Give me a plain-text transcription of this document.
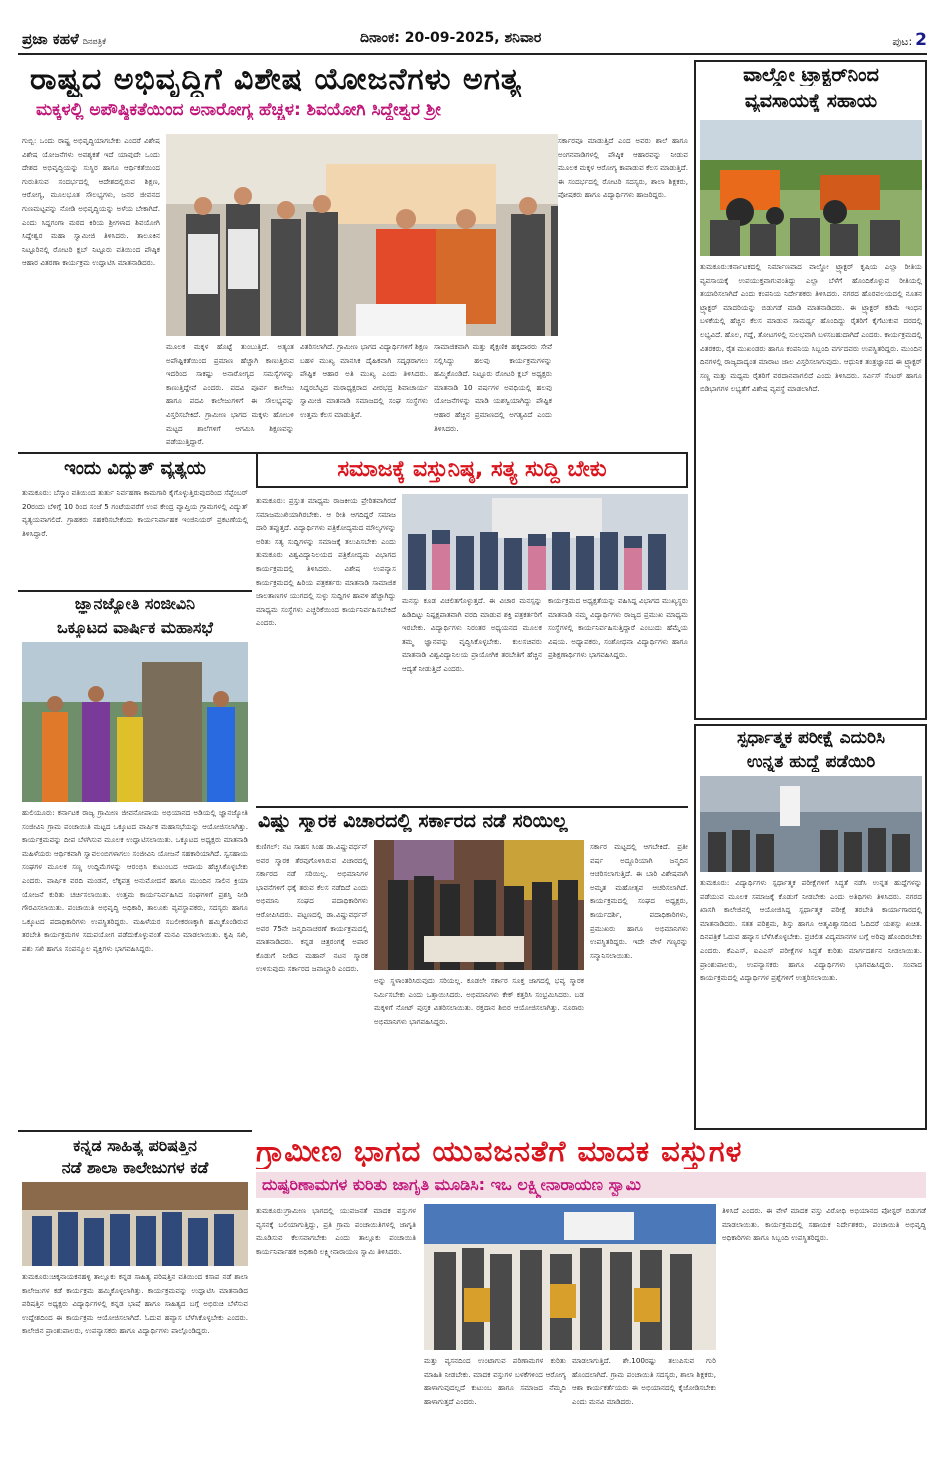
ಪ್ರಜಾ ಕಹಳೆ ದಿನಪತ್ರಿಕೆ	ದಿನಾಂಕ: 20-09-2025, ಶನಿವಾರ	ಪುಟ: 2
ರಾಷ್ಟ್ರದ ಅಭಿವೃದ್ಧಿಗೆ ವಿಶೇಷ ಯೋಜನೆಗಳು ಅಗತ್ಯ
ಮಕ್ಕಳಲ್ಲಿ ಅಪೌಷ್ಠಿಕತೆಯಿಂದ ಅನಾರೋಗ್ಯ ಹೆಚ್ಚಳ: ಶಿವಯೋಗಿ ಸಿದ್ದೇಶ್ವರ ಶ್ರೀ
ಗುಬ್ಬಿ: ಒಂದು ರಾಷ್ಟ್ರ ಅಭಿವೃದ್ಧಿಯಾಗಬೇಕು ಎಂದರೆ ವಿಶೇಷ ವಿಶೇಷ ಯೋಜನೆಗಳು ಅವಶ್ಯಕತೆ ಇದೆ ಯಾವುದೇ ಒಂದು ದೇಶದ ಅಭಿವೃದ್ಧಿಯನ್ನು ಸುಸ್ಥಿರ ಹಾಗೂ ಆರ್ಥಿಕತೆಯಿಂದ ಗುರುತಿಸುವ ಸಂದರ್ಭದಲ್ಲಿ ಆದೇಶದಲ್ಲಿರುವ ಶಿಕ್ಷಣ, ಆರೋಗ್ಯ, ಮೂಲಭೂತ ಸೌಲಭ್ಯಗಳು, ಜನರ ಜೀವನದ ಗುಣಮಟ್ಟವನ್ನು ನೋಡಿ ಅಭಿವೃದ್ಧಿಯನ್ನು ಅಳೆಯ ಬೇಕಾಗಿದೆ. ಎಂದು ಸಿದ್ದಗಂಗಾ ಮಠದ ಕಿರಿಯ ಶ್ರೀಗಳಾದ ಶಿವಯೋಗಿ ಸಿದ್ದೇಶ್ವರ ಮಹಾ ಸ್ವಾಮೀಜಿ ತಿಳಿಸಿದರು. ತಾಲೂಕಿನ ನಿಟ್ಟೂರಿನಲ್ಲಿ ರೋಟರಿ ಕ್ಲಬ್ ನಿಟ್ಟೂರು ವತಿಯಿಂದ ಪೌಷ್ಠಿಕ ಆಹಾರ ವಿತರಣಾ ಕಾರ್ಯಕ್ರಮ ಉದ್ಘಾಟಿಸಿ ಮಾತನಾಡಿದರು.
ಮೂಲಕ ಮಕ್ಕಳ ಹೊಟ್ಟೆ ತುಂಬುತ್ತಿದೆ. ಅತ್ಯಂತ ಅಪೌಷ್ಟಿಕತೆಯಿಂದ ಪ್ರಮಾಣ ಹೆಚ್ಚಾಗಿ ಕಾಣುತ್ತಿರುವ ಇದರಿಂದ ಸಾಕಷ್ಟು ಅನಾರೋಗ್ಯದ ಸಮಸ್ಯೆಗಳನ್ನು ಕಾಣುತ್ತಿದ್ದೇವೆ ಎಂದರು. ಪದವಿ ಪೂರ್ವ ಕಾಲೇಜು ಹಾಗೂ ಪದವಿ ಕಾಲೇಜುಗಳಿಗೆ ಈ ಸೌಲಭ್ಯವನ್ನು ವಿಸ್ತರಿಸಬೇಕಿದೆ. ಗ್ರಾಮೀಣ ಭಾಗದ ಮಕ್ಕಳು ಹೋಬಳಿ ಮಟ್ಟದ ಶಾಲೆಗಳಿಗೆ ಆಗಮಿಸಿ ಶಿಕ್ಷಣವನ್ನು ಪಡೆಯುತ್ತಿದ್ದಾರೆ.
ವಿತರಿಸಲಾಗಿದೆ. ಗ್ರಾಮೀಣ ಭಾಗದ ವಿದ್ಯಾರ್ಥಿಗಳಿಗೆ ಶಿಕ್ಷಣ ಬಹಳ ಮುಖ್ಯ ಮಾನಸಿಕ ದೈಹಿಕವಾಗಿ ಸದೃಢರಾಗಲು ಪೌಷ್ಟಿಕ ಆಹಾರ ಅತಿ ಮುಖ್ಯ ಎಂದು ತಿಳಿಸಿದರು. ಸಿದ್ದರಬೆಟ್ಟದ ಮಠಾಧ್ಯಕ್ಷರಾದ ವೀರಭದ್ರ ಶಿವಾಚಾರ್ಯ ಸ್ವಾಮೀಜಿ ಮಾತನಾಡಿ ಸಮಾಜದಲ್ಲಿ ಸಂಘ ಸಂಸ್ಥೆಗಳು ಉತ್ತಮ ಕೆಲಸ ಮಾಡುತ್ತಿವೆ.
ಸಾಮಾಜಿಕವಾಗಿ ಮತ್ತು ಶೈಕ್ಷಣಿಕ ಹಕ್ಕದಾರರು ಸೇವೆ ಸಲ್ಲಿಸಿದ್ದು ಹಲವು ಕಾರ್ಯಕ್ರಮಗಳನ್ನು ಹಮ್ಮಿಕೊಂಡಿದೆ. ನಿಟ್ಟೂರು ರೋಟರಿ ಕ್ಲಬ್ ಅಧ್ಯಕ್ಷರು ಮಾತನಾಡಿ 10 ವರ್ಷಗಳ ಅವಧಿಯಲ್ಲಿ ಹಲವು ಯೋಜನೆಗಳನ್ನು ಮಾಡಿ ಯಶಸ್ವಿಯಾಗಿದ್ದು ಪೌಷ್ಟಿಕ ಆಹಾರ ಹೆಚ್ಚಿನ ಪ್ರಮಾಣದಲ್ಲಿ ಅಗತ್ಯವಿದೆ ಎಂದು ತಿಳಿಸಿದರು.
ಸರ್ಕಾರವೂ ಮಾಡುತ್ತಿದೆ ಎಂದ ಅವರು ಶಾಲೆ ಹಾಗೂ ಅಂಗನವಾಡಿಗಳಲ್ಲಿ ಪೌಷ್ಠಿಕ ಆಹಾರವನ್ನು ನೀಡುವ ಮೂಲಕ ಮಕ್ಕಳ ಆರೋಗ್ಯ ಕಾಪಾಡುವ ಕೆಲಸ ಮಾಡುತ್ತಿದೆ. ಈ ಸಂದರ್ಭದಲ್ಲಿ ರೋಟರಿ ಸದಸ್ಯರು, ಶಾಲಾ ಶಿಕ್ಷಕರು, ಪೋಷಕರು ಹಾಗೂ ವಿದ್ಯಾರ್ಥಿಗಳು ಹಾಜರಿದ್ದರು.
ವಾಲ್ಡೋ ಟ್ರ್ಯಾಕ್ಟರ್‌ನಿಂದ
ವ್ಯವಸಾಯಕ್ಕೆ ಸಹಾಯ
ತುಮಕೂರು:ಕರ್ನಾಟಕದಲ್ಲಿ ನಿರ್ಮಾಣವಾದ ವಾಲ್ಡೋ ಟ್ರ್ಯಾಕ್ಟರ್ ಕೃಷಿಯ ಎಲ್ಲಾ ರೀತಿಯ ವ್ಯವಸಾಯಕ್ಕೆ ಉಪಯುಕ್ತವಾಗುವಂತಿದ್ದು ಎಲ್ಲಾ ಬೆಳೆಗೆ ಹೊಂದಿಕೊಳ್ಳುವ ರೀತಿಯಲ್ಲಿ ತಯಾರಿಸಲಾಗಿದೆ ಎಂದು ಕಂಪನಿಯ ನಿರ್ದೇಶಕರು ತಿಳಿಸಿದರು. ನಗರದ ಹೊರವಲಯದಲ್ಲಿ ನೂತನ ಟ್ರ್ಯಾಕ್ಟರ್ ಮಾದರಿಯನ್ನು ಬಿಡುಗಡೆ ಮಾಡಿ ಮಾತನಾಡಿದರು. ಈ ಟ್ರ್ಯಾಕ್ಟರ್ ಕಡಿಮೆ ಇಂಧನ ಬಳಕೆಯಲ್ಲಿ ಹೆಚ್ಚಿನ ಕೆಲಸ ಮಾಡುವ ಸಾಮರ್ಥ್ಯ ಹೊಂದಿದ್ದು ರೈತರಿಗೆ ಕೈಗೆಟುಕುವ ದರದಲ್ಲಿ ಲಭ್ಯವಿದೆ. ಹೊಲ, ಗದ್ದೆ, ತೋಟಗಳಲ್ಲಿ ಸುಲಭವಾಗಿ ಬಳಸಬಹುದಾಗಿದೆ ಎಂದರು. ಕಾರ್ಯಕ್ರಮದಲ್ಲಿ ವಿತರಕರು, ರೈತ ಮುಖಂಡರು ಹಾಗೂ ಕಂಪನಿಯ ಸಿಬ್ಬಂದಿ ವರ್ಗದವರು ಉಪಸ್ಥಿತರಿದ್ದರು. ಮುಂದಿನ ದಿನಗಳಲ್ಲಿ ರಾಜ್ಯದಾದ್ಯಂತ ಮಾರಾಟ ಜಾಲ ವಿಸ್ತರಿಸಲಾಗುವುದು. ಆಧುನಿಕ ತಂತ್ರಜ್ಞಾನದ ಈ ಟ್ರ್ಯಾಕ್ಟರ್ ಸಣ್ಣ ಮತ್ತು ಮಧ್ಯಮ ರೈತರಿಗೆ ವರದಾನವಾಗಲಿದೆ ಎಂದು ತಿಳಿಸಿದರು. ಸರ್ವಿಸ್ ಸೆಂಟರ್ ಹಾಗೂ ಬಿಡಿಭಾಗಗಳ ಲಭ್ಯತೆಗೆ ವಿಶೇಷ ವ್ಯವಸ್ಥೆ ಮಾಡಲಾಗಿದೆ.
ಇಂದು ವಿದ್ಯುತ್ ವ್ಯತ್ಯಯ
ತುಮಕೂರು: ಬೆಸ್ಕಾಂ ವತಿಯಿಂದ ತುರ್ತು ನಿರ್ವಹಣಾ ಕಾಮಗಾರಿ ಕೈಗೊಳ್ಳುತ್ತಿರುವುದರಿಂದ ಸೆಪ್ಟೆಂಬರ್ 20ರಂದು ಬೆಳಿಗ್ಗೆ 10 ರಿಂದ ಸಂಜೆ 5 ಗಂಟೆಯವರೆಗೆ ಉಪ ಕೇಂದ್ರ ವ್ಯಾಪ್ತಿಯ ಗ್ರಾಮಗಳಲ್ಲಿ ವಿದ್ಯುತ್ ವ್ಯತ್ಯಯವಾಗಲಿದೆ. ಗ್ರಾಹಕರು ಸಹಕರಿಸಬೇಕೆಂದು ಕಾರ್ಯನಿರ್ವಾಹಕ ಇಂಜಿನಿಯರ್ ಪ್ರಕಟಣೆಯಲ್ಲಿ ತಿಳಿಸಿದ್ದಾರೆ.
ಜ್ಞಾನಜ್ಯೋತಿ ಸಂಜೀವಿನಿ
ಒಕ್ಕೂಟದ ವಾರ್ಷಿಕ ಮಹಾಸಭೆ
ಹುಲಿಯೂರು: ಕರ್ನಾಟಕ ರಾಜ್ಯ ಗ್ರಾಮೀಣ ಜೀವನೋಪಾಯ ಅಭಿಯಾನದ ಅಡಿಯಲ್ಲಿ ಜ್ಞಾನಜ್ಯೋತಿ ಸಂಜೀವಿನಿ ಗ್ರಾಮ ಪಂಚಾಯಿತಿ ಮಟ್ಟದ ಒಕ್ಕೂಟದ ವಾರ್ಷಿಕ ಮಹಾಸಭೆಯನ್ನು ಆಯೋಜಿಸಲಾಗಿತ್ತು. ಕಾರ್ಯಕ್ರಮವನ್ನು ದೀಪ ಬೆಳಗಿಸುವ ಮೂಲಕ ಉದ್ಘಾಟಿಸಲಾಯಿತು. ಒಕ್ಕೂಟದ ಅಧ್ಯಕ್ಷರು ಮಾತನಾಡಿ ಮಹಿಳೆಯರು ಆರ್ಥಿಕವಾಗಿ ಸ್ವಾವಲಂಬಿಗಳಾಗಲು ಸಂಜೀವಿನಿ ಯೋಜನೆ ಸಹಕಾರಿಯಾಗಿದೆ. ಸ್ವಸಹಾಯ ಸಂಘಗಳ ಮೂಲಕ ಸಣ್ಣ ಉದ್ದಿಮೆಗಳನ್ನು ಆರಂಭಿಸಿ ಕುಟುಂಬದ ಆದಾಯ ಹೆಚ್ಚಿಸಿಕೊಳ್ಳಬೇಕು ಎಂದರು. ವಾರ್ಷಿಕ ವರದಿ ಮಂಡನೆ, ಲೆಕ್ಕಪತ್ರ ಅನುಮೋದನೆ ಹಾಗೂ ಮುಂದಿನ ಸಾಲಿನ ಕ್ರಿಯಾ ಯೋಜನೆ ಕುರಿತು ಚರ್ಚಿಸಲಾಯಿತು. ಉತ್ತಮ ಕಾರ್ಯನಿರ್ವಹಿಸಿದ ಸಂಘಗಳಿಗೆ ಪ್ರಶಸ್ತಿ ನೀಡಿ ಗೌರವಿಸಲಾಯಿತು. ಪಂಚಾಯಿತಿ ಅಭಿವೃದ್ಧಿ ಅಧಿಕಾರಿ, ತಾಲೂಕು ವ್ಯವಸ್ಥಾಪಕರು, ಸದಸ್ಯರು ಹಾಗೂ ಒಕ್ಕೂಟದ ಪದಾಧಿಕಾರಿಗಳು ಉಪಸ್ಥಿತರಿದ್ದರು. ಮಹಿಳೆಯರ ಸಬಲೀಕರಣಕ್ಕಾಗಿ ಹಮ್ಮಿಕೊಂಡಿರುವ ತರಬೇತಿ ಕಾರ್ಯಕ್ರಮಗಳ ಸದುಪಯೋಗ ಪಡೆದುಕೊಳ್ಳುವಂತೆ ಮನವಿ ಮಾಡಲಾಯಿತು. ಕೃಷಿ ಸಖಿ, ಪಶು ಸಖಿ ಹಾಗೂ ಸಂಪನ್ಮೂಲ ವ್ಯಕ್ತಿಗಳು ಭಾಗವಹಿಸಿದ್ದರು.
ಸಮಾಜಕ್ಕೆ ವಸ್ತುನಿಷ್ಠ, ಸತ್ಯ ಸುದ್ದಿ ಬೇಕು
ತುಮಕೂರು: ಪ್ರಸ್ತುತ ಮಾಧ್ಯಮ ರಾಜಕೀಯ ಪ್ರೇರಿತವಾಗಿರದೆ ಸಮಾಜಮುಖಿಯಾಗಿರಬೇಕು. ಆ ರೀತಿ ಆಗದಿದ್ದರೆ ಸಮಾಜ ದಾರಿ ತಪ್ಪುತ್ತದೆ. ವಿದ್ಯಾರ್ಥಿಗಳು ಪತ್ರಿಕೋದ್ಯಮದ ಮೌಲ್ಯಗಳನ್ನು ಅರಿತು ಸತ್ಯ ಸುದ್ದಿಗಳನ್ನು ಸಮಾಜಕ್ಕೆ ತಲುಪಿಸಬೇಕು ಎಂದು ತುಮಕೂರು ವಿಶ್ವವಿದ್ಯಾನಿಲಯದ ಪತ್ರಿಕೋದ್ಯಮ ವಿಭಾಗದ ಕಾರ್ಯಕ್ರಮದಲ್ಲಿ ತಿಳಿಸಿದರು. ವಿಶೇಷ ಉಪನ್ಯಾಸ ಕಾರ್ಯಕ್ರಮದಲ್ಲಿ ಹಿರಿಯ ಪತ್ರಕರ್ತರು ಮಾತನಾಡಿ ಸಾಮಾಜಿಕ ಜಾಲತಾಣಗಳ ಯುಗದಲ್ಲಿ ಸುಳ್ಳು ಸುದ್ದಿಗಳ ಹಾವಳಿ ಹೆಚ್ಚಾಗಿದ್ದು ಮಾಧ್ಯಮ ಸಂಸ್ಥೆಗಳು ಎಚ್ಚರಿಕೆಯಿಂದ ಕಾರ್ಯನಿರ್ವಹಿಸಬೇಕಿದೆ ಎಂದರು.
ಮನಸ್ಸು ಕೂಡ ವಿಚಲಿತಗೊಳ್ಳುತ್ತದೆ. ಈ ವಿಚಾರ ಮನಸ್ಸನ್ನು ಹಿಡಿದಿಟ್ಟು ನಿಷ್ಪಕ್ಷಪಾತವಾಗಿ ವರದಿ ಮಾಡುವ ಶಕ್ತಿ ಪತ್ರಕರ್ತರಿಗೆ ಇರಬೇಕು. ವಿದ್ಯಾರ್ಥಿಗಳು ನಿರಂತರ ಅಧ್ಯಯನದ ಮೂಲಕ ತಮ್ಮ ಜ್ಞಾನವನ್ನು ವೃದ್ಧಿಸಿಕೊಳ್ಳಬೇಕು. ಕುಲಸಚಿವರು ಮಾತನಾಡಿ ವಿಶ್ವವಿದ್ಯಾನಿಲಯ ಪ್ರಾಯೋಗಿಕ ತರಬೇತಿಗೆ ಹೆಚ್ಚಿನ ಆದ್ಯತೆ ನೀಡುತ್ತಿದೆ ಎಂದರು.
ಕಾರ್ಯಕ್ರಮದ ಅಧ್ಯಕ್ಷತೆಯನ್ನು ವಹಿಸಿದ್ದ ವಿಭಾಗದ ಮುಖ್ಯಸ್ಥರು ಮಾತನಾಡಿ ನಮ್ಮ ವಿದ್ಯಾರ್ಥಿಗಳು ರಾಜ್ಯದ ಪ್ರಮುಖ ಮಾಧ್ಯಮ ಸಂಸ್ಥೆಗಳಲ್ಲಿ ಕಾರ್ಯನಿರ್ವಹಿಸುತ್ತಿದ್ದಾರೆ ಎಂಬುದು ಹೆಮ್ಮೆಯ ವಿಷಯ. ಅಧ್ಯಾಪಕರು, ಸಂಶೋಧನಾ ವಿದ್ಯಾರ್ಥಿಗಳು ಹಾಗೂ ಪ್ರಶಿಕ್ಷಣಾರ್ಥಿಗಳು ಭಾಗವಹಿಸಿದ್ದರು.
ವಿಷ್ಣು ಸ್ಮಾರಕ ವಿಚಾರದಲ್ಲಿ ಸರ್ಕಾರದ ನಡೆ ಸರಿಯಿಲ್ಲ
ಕುಣಿಗಲ್: ನಟ ಸಾಹಸ ಸಿಂಹ ಡಾ.ವಿಷ್ಣುವರ್ಧನ್ ಅವರ ಸ್ಮಾರಕ ತೆರವುಗೊಳಿಸಿರುವ ವಿಚಾರದಲ್ಲಿ ಸರ್ಕಾರದ ನಡೆ ಸರಿಯಿಲ್ಲ. ಅಭಿಮಾನಿಗಳ ಭಾವನೆಗಳಿಗೆ ಧಕ್ಕೆ ತರುವ ಕೆಲಸ ನಡೆದಿದೆ ಎಂದು ಅಭಿಮಾನಿ ಸಂಘದ ಪದಾಧಿಕಾರಿಗಳು ಆರೋಪಿಸಿದರು. ಪಟ್ಟಣದಲ್ಲಿ ಡಾ.ವಿಷ್ಣುವರ್ಧನ್ ಅವರ 75ನೇ ಜನ್ಮದಿನಾಚರಣೆ ಕಾರ್ಯಕ್ರಮದಲ್ಲಿ ಮಾತನಾಡಿದರು. ಕನ್ನಡ ಚಿತ್ರರಂಗಕ್ಕೆ ಅಪಾರ ಕೊಡುಗೆ ನೀಡಿದ ಮಹಾನ್ ನಟನ ಸ್ಮಾರಕ ಉಳಿಸುವುದು ಸರ್ಕಾರದ ಜವಾಬ್ದಾರಿ ಎಂದರು.
ಅನ್ನು ಸ್ಥಳಾಂತರಿಸಿರುವುದು ಸರಿಯಲ್ಲ. ಕೂಡಲೇ ಸರ್ಕಾರ ಸೂಕ್ತ ಜಾಗದಲ್ಲಿ ಭವ್ಯ ಸ್ಮಾರಕ ನಿರ್ಮಿಸಬೇಕು ಎಂದು ಒತ್ತಾಯಿಸಿದರು. ಅಭಿಮಾನಿಗಳು ಕೇಕ್ ಕತ್ತರಿಸಿ ಸಂಭ್ರಮಿಸಿದರು. ಬಡ ಮಕ್ಕಳಿಗೆ ನೋಟ್ ಪುಸ್ತಕ ವಿತರಿಸಲಾಯಿತು. ರಕ್ತದಾನ ಶಿಬಿರ ಆಯೋಜಿಸಲಾಗಿತ್ತು. ನೂರಾರು ಅಭಿಮಾನಿಗಳು ಭಾಗವಹಿಸಿದ್ದರು.
ಸರ್ಕಾರ ಮಟ್ಟದಲ್ಲಿ ಆಗಬೇಕಿದೆ. ಪ್ರತೀ ವರ್ಷ ಅದ್ದೂರಿಯಾಗಿ ಜನ್ಮದಿನ ಆಚರಿಸಲಾಗುತ್ತಿದೆ. ಈ ಬಾರಿ ವಿಶೇಷವಾಗಿ ಅಮೃತ ಮಹೋತ್ಸವ ಆಚರಿಸಲಾಗಿದೆ. ಕಾರ್ಯಕ್ರಮದಲ್ಲಿ ಸಂಘದ ಅಧ್ಯಕ್ಷರು, ಕಾರ್ಯದರ್ಶಿ, ಪದಾಧಿಕಾರಿಗಳು, ಪ್ರಮುಖರು ಹಾಗೂ ಅಭಿಮಾನಿಗಳು ಉಪಸ್ಥಿತರಿದ್ದರು. ಇದೇ ವೇಳೆ ಗಣ್ಯರನ್ನು ಸನ್ಮಾನಿಸಲಾಯಿತು.
ಸ್ಪರ್ಧಾತ್ಮಕ ಪರೀಕ್ಷೆ ಎದುರಿಸಿ
ಉನ್ನತ ಹುದ್ದೆ ಪಡೆಯಿರಿ
ತುಮಕೂರು: ವಿದ್ಯಾರ್ಥಿಗಳು ಸ್ಪರ್ಧಾತ್ಮಕ ಪರೀಕ್ಷೆಗಳಿಗೆ ಸಿದ್ಧತೆ ನಡೆಸಿ ಉನ್ನತ ಹುದ್ದೆಗಳನ್ನು ಪಡೆಯುವ ಮೂಲಕ ಸಮಾಜಕ್ಕೆ ಕೊಡುಗೆ ನೀಡಬೇಕು ಎಂದು ಅತಿಥಿಗಳು ತಿಳಿಸಿದರು. ನಗರದ ಖಾಸಗಿ ಕಾಲೇಜಿನಲ್ಲಿ ಆಯೋಜಿಸಿದ್ದ ಸ್ಪರ್ಧಾತ್ಮಕ ಪರೀಕ್ಷೆ ತರಬೇತಿ ಕಾರ್ಯಾಗಾರದಲ್ಲಿ ಮಾತನಾಡಿದರು. ಸತತ ಪರಿಶ್ರಮ, ಶಿಸ್ತು ಹಾಗೂ ಆತ್ಮವಿಶ್ವಾಸದಿಂದ ಓದಿದರೆ ಯಶಸ್ಸು ಖಚಿತ. ದಿನಪತ್ರಿಕೆ ಓದುವ ಹವ್ಯಾಸ ಬೆಳೆಸಿಕೊಳ್ಳಬೇಕು. ಪ್ರಚಲಿತ ವಿದ್ಯಮಾನಗಳ ಬಗ್ಗೆ ಅರಿವು ಹೊಂದಿರಬೇಕು ಎಂದರು. ಕೆಎಎಸ್, ಐಎಎಸ್ ಪರೀಕ್ಷೆಗಳ ಸಿದ್ಧತೆ ಕುರಿತು ಮಾರ್ಗದರ್ಶನ ನೀಡಲಾಯಿತು. ಪ್ರಾಂಶುಪಾಲರು, ಉಪನ್ಯಾಸಕರು ಹಾಗೂ ವಿದ್ಯಾರ್ಥಿಗಳು ಭಾಗವಹಿಸಿದ್ದರು. ಸಂವಾದ ಕಾರ್ಯಕ್ರಮದಲ್ಲಿ ವಿದ್ಯಾರ್ಥಿಗಳ ಪ್ರಶ್ನೆಗಳಿಗೆ ಉತ್ತರಿಸಲಾಯಿತು.
ಕನ್ನಡ ಸಾಹಿತ್ಯ ಪರಿಷತ್ತಿನ
ನಡೆ ಶಾಲಾ ಕಾಲೇಜುಗಳ ಕಡೆ
ತುಮಕೂರು:ಚಿಕ್ಕನಾಯಕನಹಳ್ಳಿ ತಾಲ್ಲೂಕು ಕನ್ನಡ ಸಾಹಿತ್ಯ ಪರಿಷತ್ತಿನ ವತಿಯಿಂದ ಕಸಾಪ ನಡೆ ಶಾಲಾ ಕಾಲೇಜುಗಳ ಕಡೆ ಕಾರ್ಯಕ್ರಮ ಹಮ್ಮಿಕೊಳ್ಳಲಾಗಿತ್ತು. ಕಾರ್ಯಕ್ರಮವನ್ನು ಉದ್ಘಾಟಿಸಿ ಮಾತನಾಡಿದ ಪರಿಷತ್ತಿನ ಅಧ್ಯಕ್ಷರು ವಿದ್ಯಾರ್ಥಿಗಳಲ್ಲಿ ಕನ್ನಡ ಭಾಷೆ ಹಾಗೂ ಸಾಹಿತ್ಯದ ಬಗ್ಗೆ ಅಭಿರುಚಿ ಬೆಳೆಸುವ ಉದ್ದೇಶದಿಂದ ಈ ಕಾರ್ಯಕ್ರಮ ಆಯೋಜಿಸಲಾಗಿದೆ. ಓದುವ ಹವ್ಯಾಸ ಬೆಳೆಸಿಕೊಳ್ಳಬೇಕು ಎಂದರು. ಕಾಲೇಜಿನ ಪ್ರಾಂಶುಪಾಲರು, ಉಪನ್ಯಾಸಕರು ಹಾಗೂ ವಿದ್ಯಾರ್ಥಿಗಳು ಪಾಲ್ಗೊಂಡಿದ್ದರು.
ಗ್ರಾಮೀಣ ಭಾಗದ ಯುವಜನತೆಗೆ ಮಾದಕ ವಸ್ತುಗಳ
ದುಷ್ಪರಿಣಾಮಗಳ ಕುರಿತು ಜಾಗೃತಿ ಮೂಡಿಸಿ: ಇಒ ಲಕ್ಷ್ಮೀನಾರಾಯಣ ಸ್ವಾಮಿ
ತುಮಕೂರು:ಗ್ರಾಮೀಣ ಭಾಗದಲ್ಲಿ ಯುವಜನತೆ ಮಾದಕ ವಸ್ತುಗಳ ವ್ಯಸನಕ್ಕೆ ಬಲಿಯಾಗುತ್ತಿದ್ದು, ಪ್ರತಿ ಗ್ರಾಮ ಪಂಚಾಯಿತಿಗಳಲ್ಲಿ ಜಾಗೃತಿ ಮೂಡಿಸುವ ಕೆಲಸವಾಗಬೇಕು ಎಂದು ತಾಲ್ಲೂಕು ಪಂಚಾಯಿತಿ ಕಾರ್ಯನಿರ್ವಾಹಕ ಅಧಿಕಾರಿ ಲಕ್ಷ್ಮೀನಾರಾಯಣ ಸ್ವಾಮಿ ತಿಳಿಸಿದರು.
ಮತ್ತು ವ್ಯಸನದಿಂದ ಉಂಟಾಗುವ ಪರಿಣಾಮಗಳ ಕುರಿತು ಮಾಹಿತಿ ನೀಡಬೇಕು. ಮಾದಕ ವಸ್ತುಗಳ ಬಳಕೆಗಳಿಂದ ಆರೋಗ್ಯ ಹಾಳಾಗುವುದಲ್ಲದೆ ಕುಟುಂಬ ಹಾಗೂ ಸಮಾಜದ ನೆಮ್ಮದಿ ಹಾಳಾಗುತ್ತದೆ ಎಂದರು.
ಮಾಡಲಾಗುತ್ತಿದೆ. ಶೇ.100ರಷ್ಟು ತಲುಪಿಸುವ ಗುರಿ ಹೊಂದಲಾಗಿದೆ. ಗ್ರಾಮ ಪಂಚಾಯಿತಿ ಸದಸ್ಯರು, ಶಾಲಾ ಶಿಕ್ಷಕರು, ಆಶಾ ಕಾರ್ಯಕರ್ತೆಯರು ಈ ಅಭಿಯಾನದಲ್ಲಿ ಕೈಜೋಡಿಸಬೇಕು ಎಂದು ಮನವಿ ಮಾಡಿದರು.
ತಿಳಿಸಿದೆ ಎಂದರು. ಈ ವೇಳೆ ಮಾದಕ ವಸ್ತು ವಿರೋಧಿ ಅಭಿಯಾನದ ಪೋಸ್ಟರ್ ಬಿಡುಗಡೆ ಮಾಡಲಾಯಿತು. ಕಾರ್ಯಕ್ರಮದಲ್ಲಿ ಸಹಾಯಕ ನಿರ್ದೇಶಕರು, ಪಂಚಾಯಿತಿ ಅಭಿವೃದ್ಧಿ ಅಧಿಕಾರಿಗಳು ಹಾಗೂ ಸಿಬ್ಬಂದಿ ಉಪಸ್ಥಿತರಿದ್ದರು.
